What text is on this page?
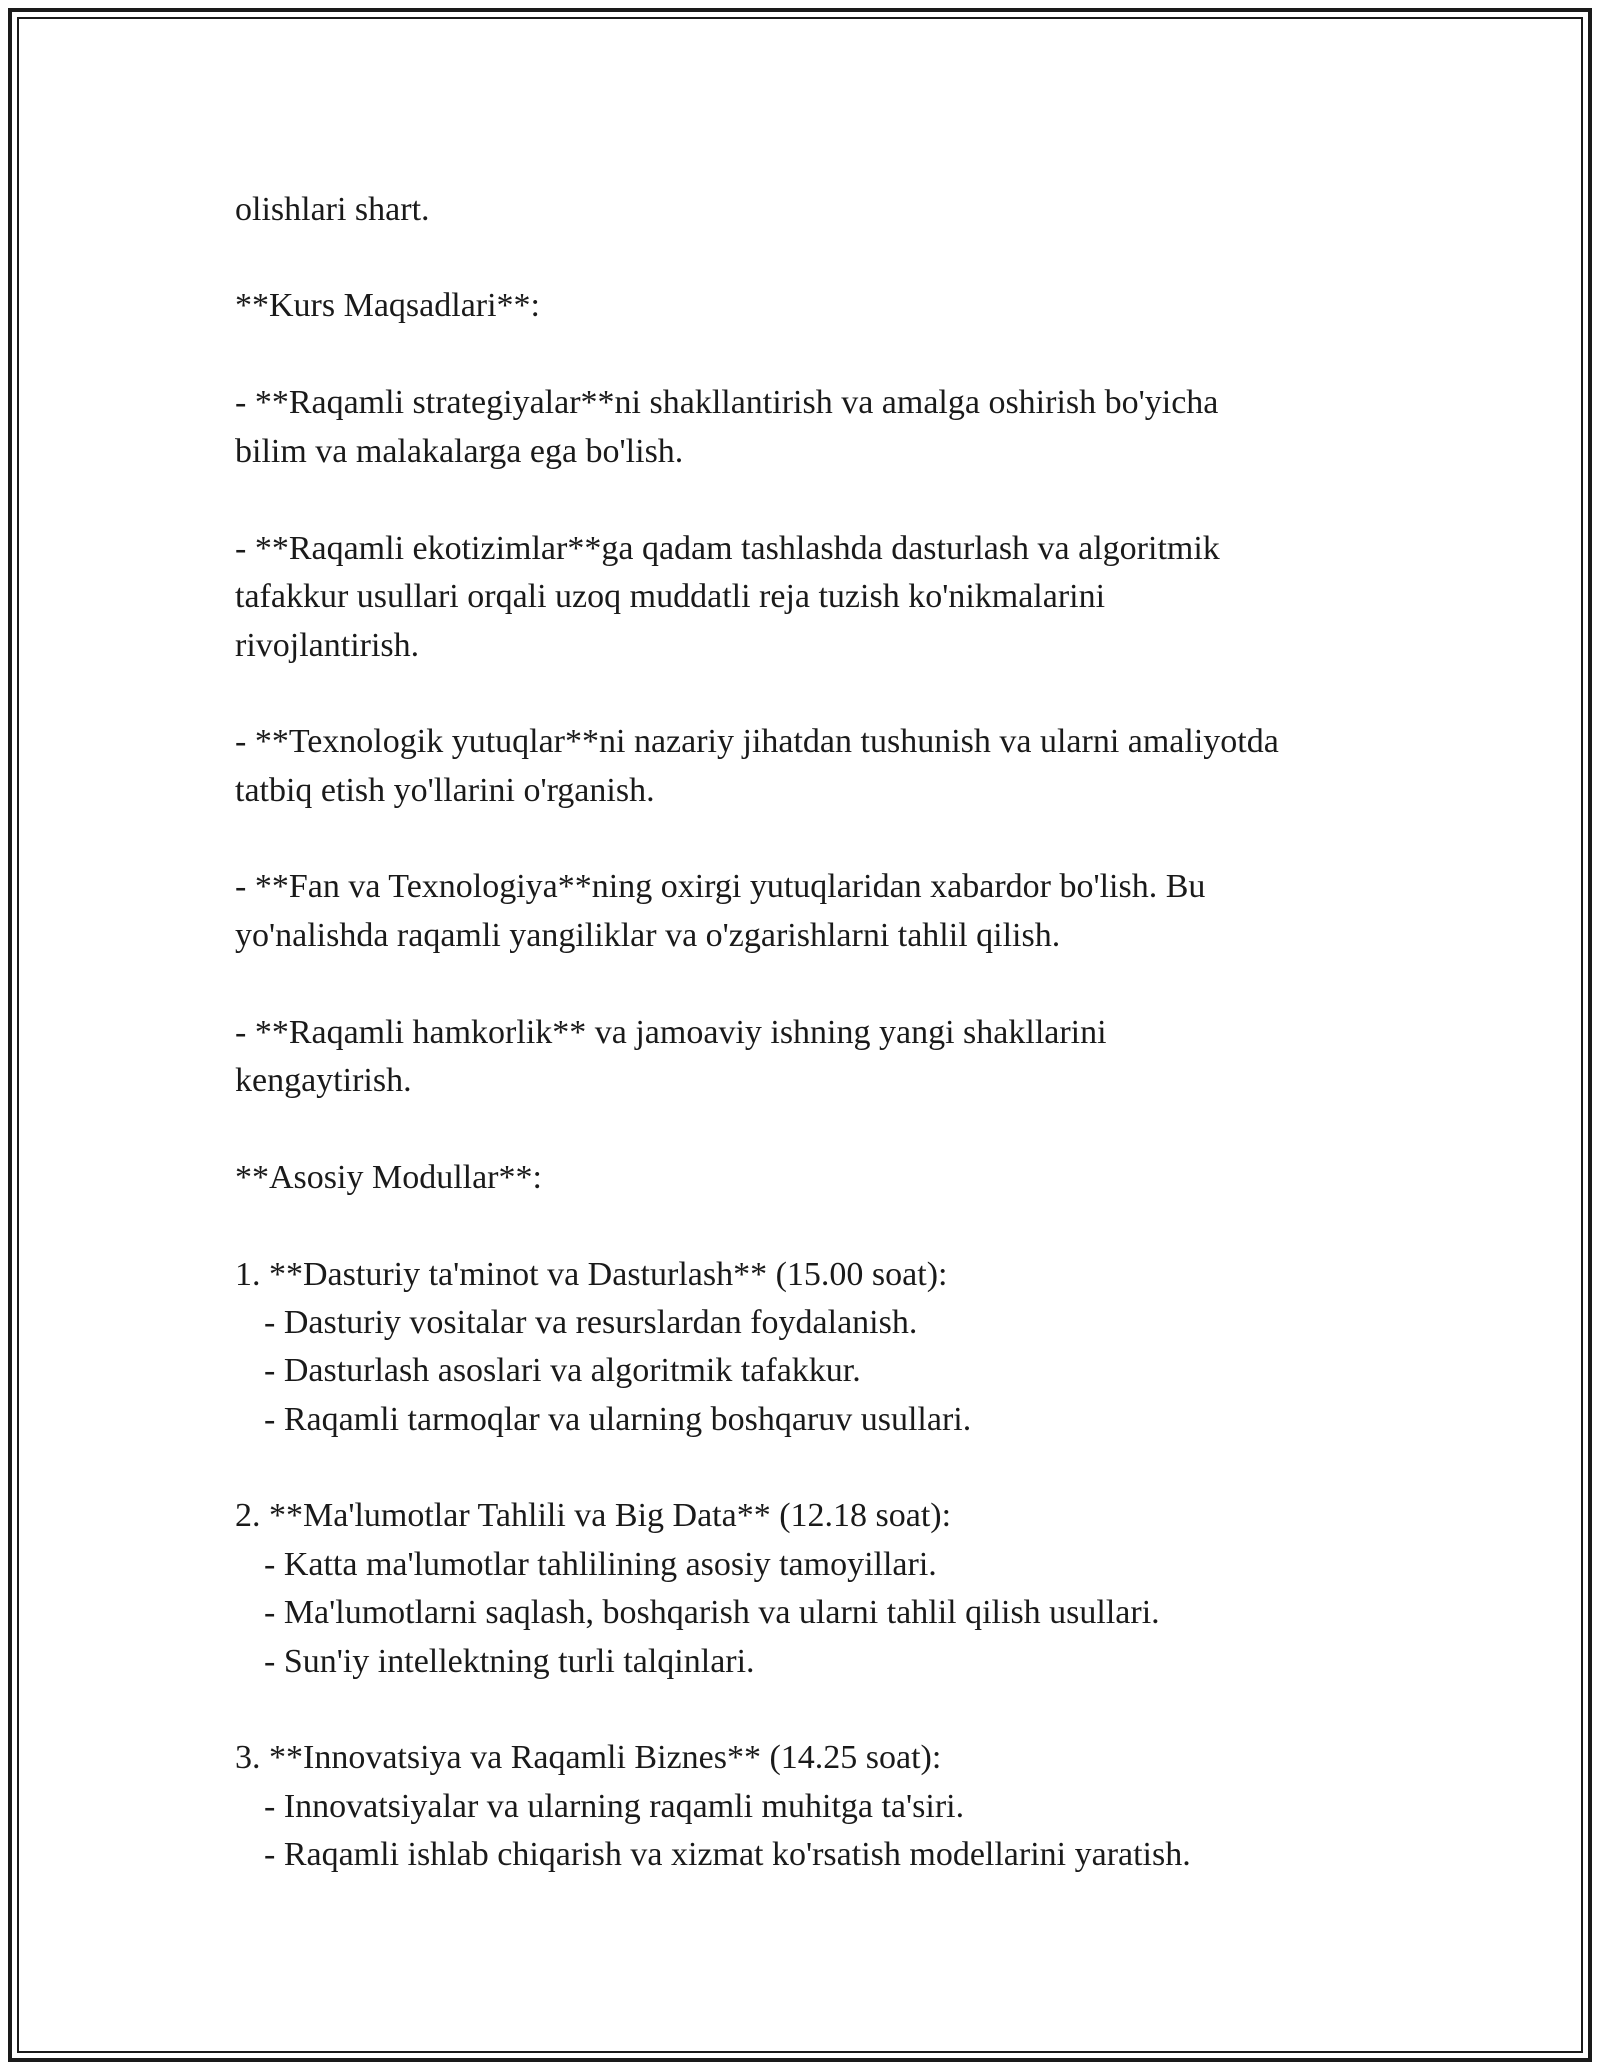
olishlari shart.
**Kurs Maqsadlari**:
- **Raqamli strategiyalar**ni shakllantirish va amalga oshirish bo'yicha
bilim va malakalarga ega bo'lish.
- **Raqamli ekotizimlar**ga qadam tashlashda dasturlash va algoritmik
tafakkur usullari orqali uzoq muddatli reja tuzish ko'nikmalarini
rivojlantirish.
- **Texnologik yutuqlar**ni nazariy jihatdan tushunish va ularni amaliyotda
tatbiq etish yo'llarini o'rganish.
- **Fan va Texnologiya**ning oxirgi yutuqlaridan xabardor bo'lish. Bu
yo'nalishda raqamli yangiliklar va o'zgarishlarni tahlil qilish.
- **Raqamli hamkorlik** va jamoaviy ishning yangi shakllarini
kengaytirish.
**Asosiy Modullar**:
1. **Dasturiy ta'minot va Dasturlash** (15.00 soat):
- Dasturiy vositalar va resurslardan foydalanish.
- Dasturlash asoslari va algoritmik tafakkur.
- Raqamli tarmoqlar va ularning boshqaruv usullari.
2. **Ma'lumotlar Tahlili va Big Data** (12.18 soat):
- Katta ma'lumotlar tahlilining asosiy tamoyillari.
- Ma'lumotlarni saqlash, boshqarish va ularni tahlil qilish usullari.
- Sun'iy intellektning turli talqinlari.
3. **Innovatsiya va Raqamli Biznes** (14.25 soat):
- Innovatsiyalar va ularning raqamli muhitga ta'siri.
- Raqamli ishlab chiqarish va xizmat ko'rsatish modellarini yaratish.
